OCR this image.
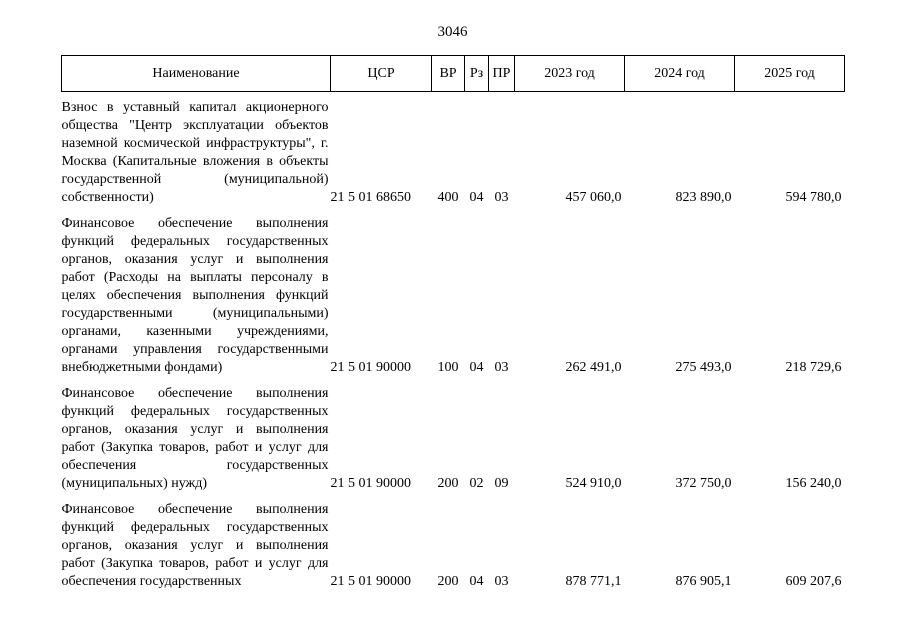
3046
Наименование	ЦСР	ВР	Рз	ПР	2023 год	2024 год	2025 год
Взнос в уставный капитал акционерного общества "Центр эксплуатации объектов наземной космической инфраструктуры", г. Москва (Капитальные вложения в объекты государственной (муниципальной) собственности)	21 5 01 68650	400	04	03	457 060,0	823 890,0	594 780,0
Финансовое обеспечение выполнения функций федеральных государственных органов, оказания услуг и выполнения работ (Расходы на выплаты персоналу в целях обеспечения выполнения функций государственными (муниципальными) органами, казенными учреждениями, органами управления государственными внебюджетными фондами)	21 5 01 90000	100	04	03	262 491,0	275 493,0	218 729,6
Финансовое обеспечение выполнения функций федеральных государственных органов, оказания услуг и выполнения работ (Закупка товаров, работ и услуг для обеспечения государственных (муниципальных) нужд)	21 5 01 90000	200	02	09	524 910,0	372 750,0	156 240,0
Финансовое обеспечение выполнения функций федеральных государственных органов, оказания услуг и выполнения работ (Закупка товаров, работ и услуг для обеспечения государственных	21 5 01 90000	200	04	03	878 771,1	876 905,1	609 207,6
